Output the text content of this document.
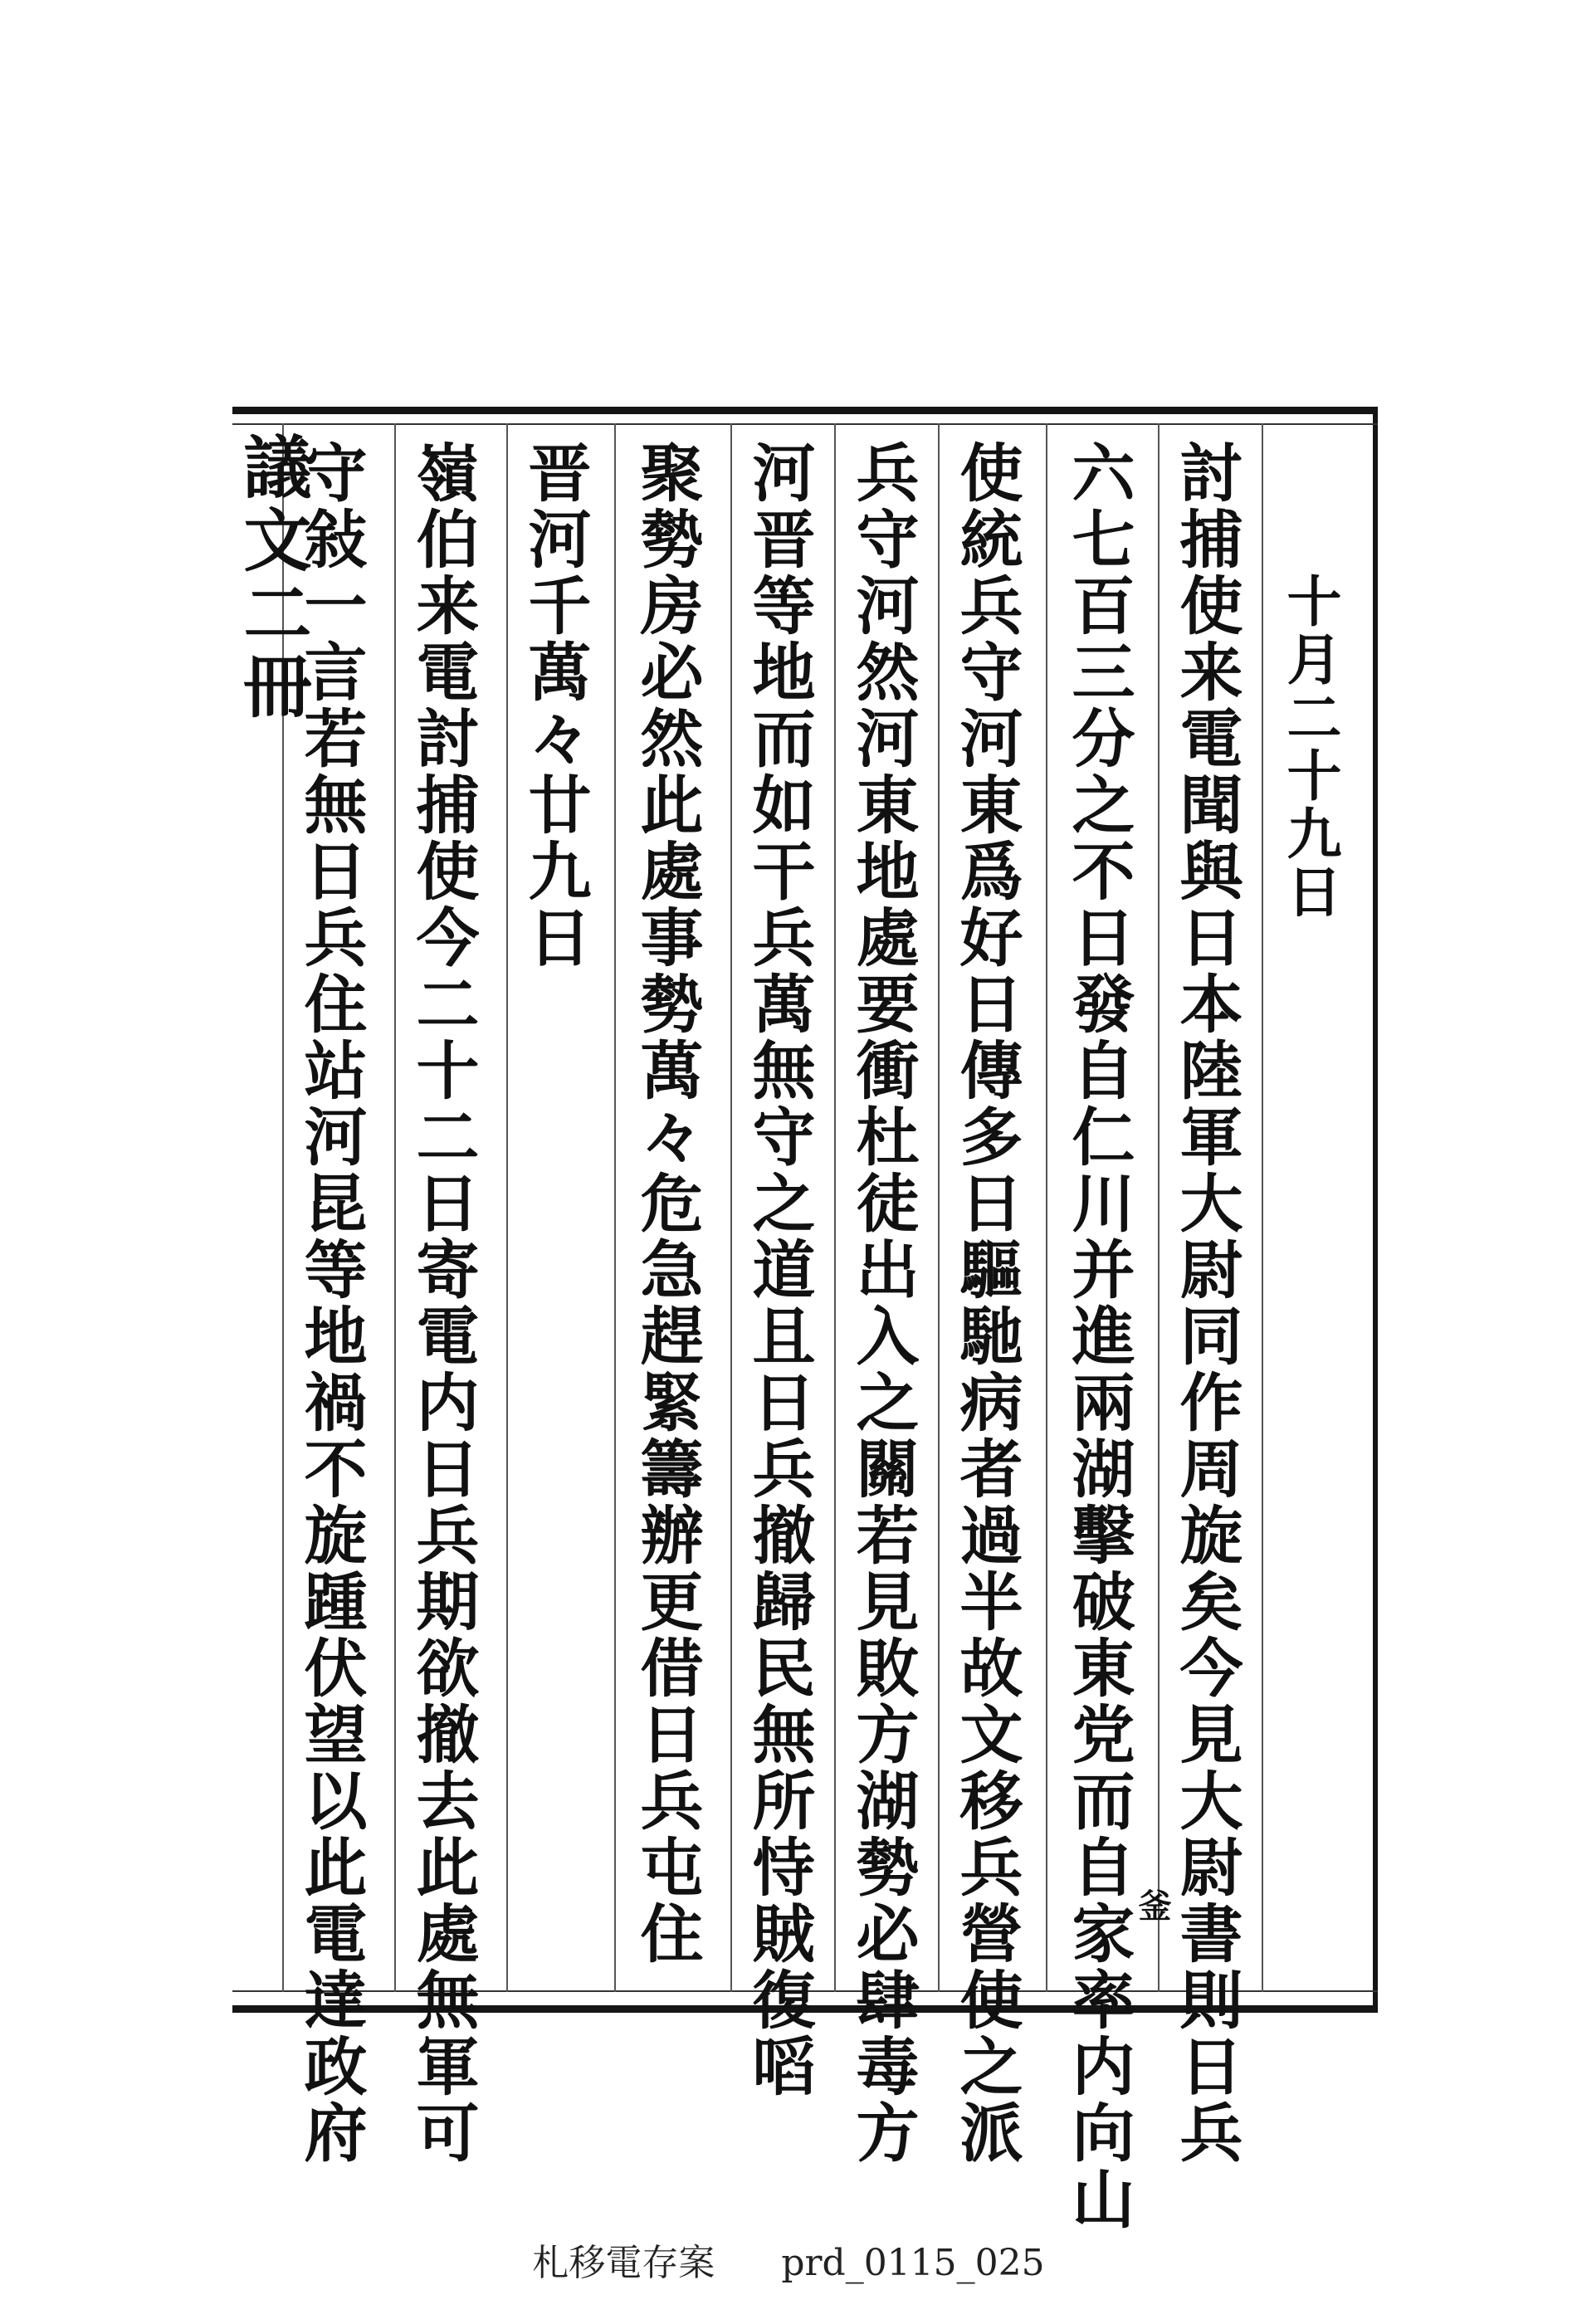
十月二十九日
討捕使来電聞與日本陸軍大尉同作周旋矣今見大尉書則日兵
六七百三分之不日發自仁川并進兩湖擊破東党而自家率内向山
釜
使統兵守河東爲好日傳多日驅馳病者過半故文移兵營使之派
兵守河然河東地處要衝杜徒出入之關若見敗方湖勢必肆毒方
河晋等地而如干兵萬無守之道且日兵撤歸民無所恃賊復㗖
聚勢房必然此處事勢萬々危急趕緊籌辦更借日兵屯住
晋河千萬々廿九日
嶺伯来電討捕使今二十二日寄電内日兵期欲撤去此處無軍可
守敍一言若無日兵住站河昆等地禍不旋踵伏望以此電達政府
議文二冊
札移電存案 prd_0115_025
